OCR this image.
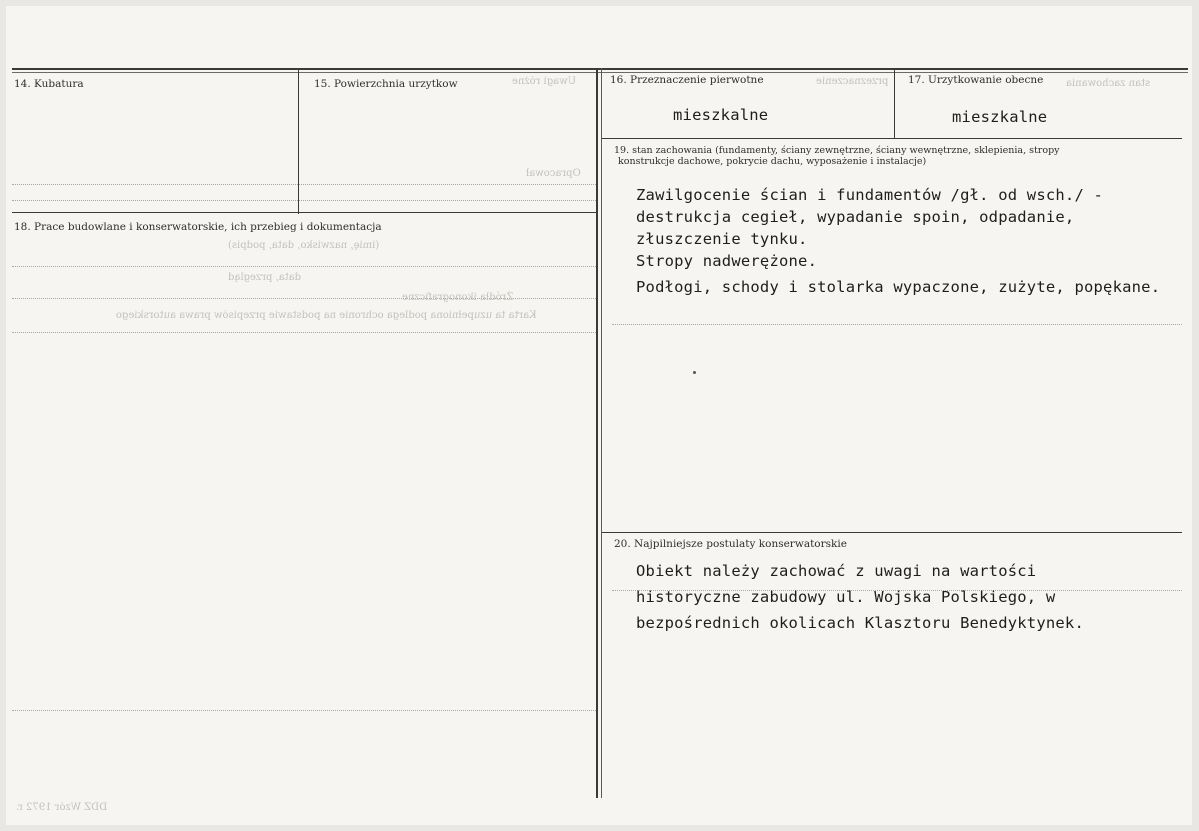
14. Kubatura	15. Powierzchnia urzytkow	16. Przeznaczenie pierwotne	17. Urzytkowanie obecne
18. Prace budowlane i konserwatorskie, ich przebieg i dokumentacja
19. stan zachowania (fundamenty, ściany zewnętrzne, ściany wewnętrzne, sklepienia, stropy
konstrukcje dachowe, pokrycie dachu, wyposażenie i instalacje)
20. Najpilniejsze postulaty konserwatorskie
mieszkalne	mieszkalne
Zawilgocenie ścian i fundamentów /gł. od wsch./ -
destrukcja cegieł, wypadanie spoin, odpadanie,
złuszczenie tynku.
Stropy nadwerężone.
Podłogi, schody i stolarka wypaczone, zużyte, popękane.
Obiekt należy zachować z uwagi na wartości
historyczne zabudowy ul. Wojska Polskiego, w
bezpośrednich okolicach Klasztoru Benedyktynek.
Uwagi różne	przeznaczenie	stan zachowania
Opracował
(imię, nazwisko, data, podpis)
data, przegląd
Karta ta uzupełniona podlega ochronie na podstawie przepisów prawa autorskiego
Źródła ikonograficzne
DDZ Wzór 1972 r.
